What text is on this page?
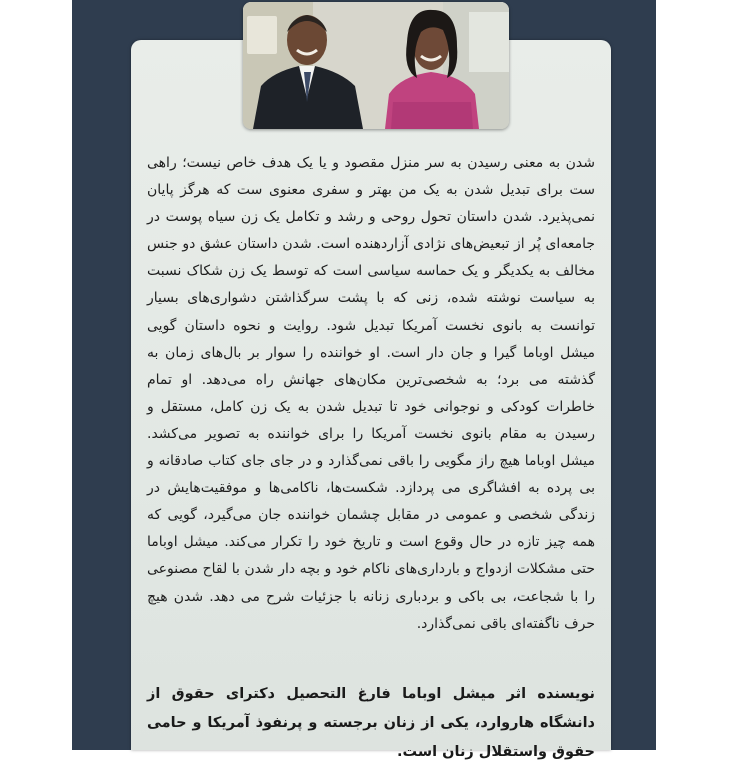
شدن به معنی رسیدن به سر منزل مقصود و یا یک هدف خاص نیست؛ راهی ست برای تبدیل شدن به یک من بهتر و سفری معنوی ست که هرگز پایان نمی‌پذیرد. شدن داستان تحول روحی و رشد و تکامل یک زن سیاه پوست در جامعه‌ای پُر از تبعیض‌های نژادی آزاردهنده است. شدن داستان عشق دو جنس مخالف به یکدیگر و یک حماسه سیاسی است که توسط یک زن شکاک نسبت به سیاست نوشته شده، زنی که با پشت سرگذاشتن دشواری‌های بسیار توانست به بانوی نخست آمریکا تبدیل شود. روایت و نحوه داستان گویی میشل اوباما گیرا و جان دار است. او خواننده را سوار بر بال‌های زمان به گذشته می برد؛ به شخصی‌ترین مکان‌های جهانش راه می‌دهد. او تمام خاطرات کودکی و نوجوانی خود تا تبدیل شدن به یک زن کامل، مستقل و رسیدن به مقام بانوی نخست آمریکا را برای خواننده به تصویر می‌کشد. میشل اوباما هیچ راز مگویی را باقی نمی‌گذارد و در جای جای کتاب صادقانه و بی پرده به افشاگری می پردازد. شکست‌ها، ناکامی‌ها و موفقیت‌هایش در زندگی شخصی و عمومی در مقابل چشمان خواننده جان می‌گیرد، گویی که همه چیز تازه در حال وقوع است و تاریخ خود را تکرار می‌کند. میشل اوباما حتی مشکلات ازدواج و بارداری‌های ناکام خود و بچه دار شدن با لقاح مصنوعی را با شجاعت، بی باکی و بردباری زنانه با جزئیات شرح می دهد. شدن هیچ حرف ناگفته‌ای باقی نمی‌گذارد.

نویسنده اثر میشل اوباما فارغ التحصیل دکترای حقوق از دانشگاه هاروارد، یکی از زنان برجسته و پرنفوذ آمریکا و حامی حقوق واستقلال زنان است.
